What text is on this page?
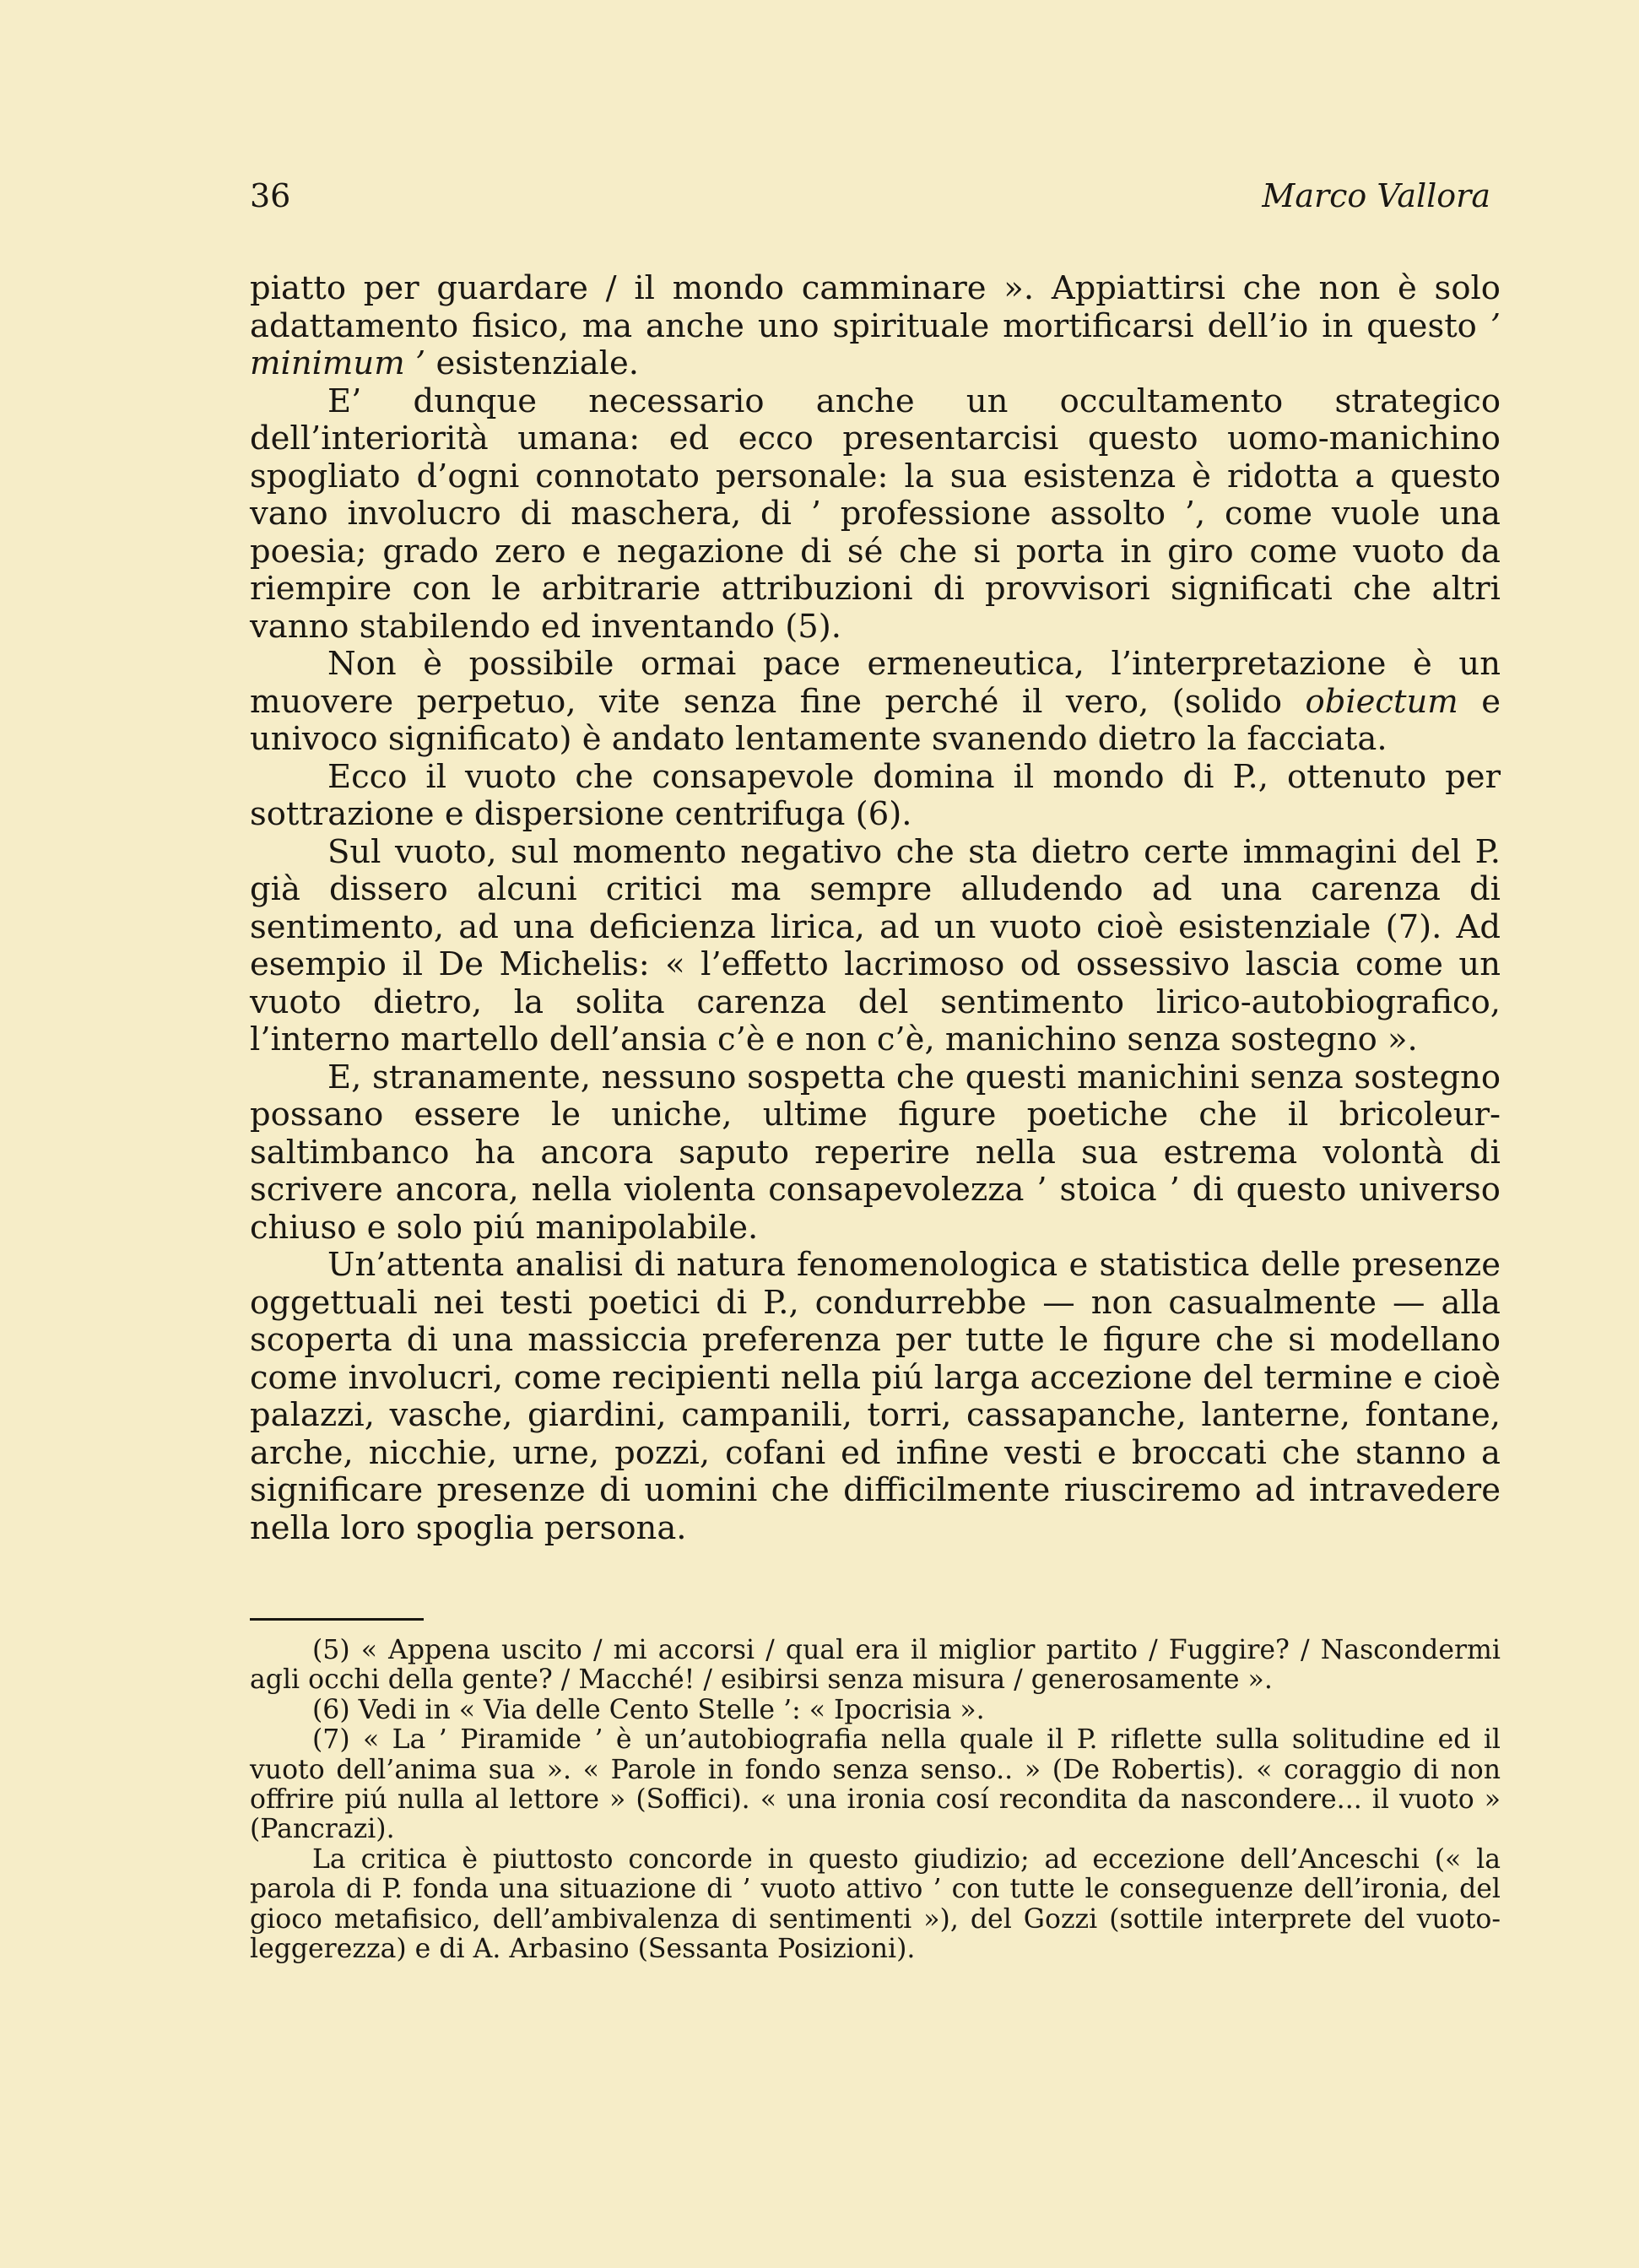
36	Marco Vallora

piatto per guardare / il mondo camminare ». Appiattirsi che non è solo adattamento fisico, ma anche uno spirituale mortificarsi dell’io in questo ’ minimum ’ esistenziale.

E’ dunque necessario anche un occultamento strategico dell’interiorità umana: ed ecco presentarcisi questo uomo-manichino spogliato d’ogni connotato personale: la sua esistenza è ridotta a questo vano involucro di maschera, di ’ professione assolto ’, come vuole una poesia; grado zero e negazione di sé che si porta in giro come vuoto da riempire con le arbitrarie attribuzioni di provvisori significati che altri vanno stabilendo ed inventando (5).

Non è possibile ormai pace ermeneutica, l’interpretazione è un muovere perpetuo, vite senza fine perché il vero, (solido obiectum e univoco significato) è andato lentamente svanendo dietro la facciata.

Ecco il vuoto che consapevole domina il mondo di P., ottenuto per sottrazione e dispersione centrifuga (6).

Sul vuoto, sul momento negativo che sta dietro certe immagini del P. già dissero alcuni critici ma sempre alludendo ad una carenza di sentimento, ad una deficienza lirica, ad un vuoto cioè esistenziale (7). Ad esempio il De Michelis: « l’effetto lacrimoso od ossessivo lascia come un vuoto dietro, la solita carenza del sentimento lirico-autobiografico, l’interno martello dell’ansia c’è e non c’è, manichino senza sostegno ».

E, stranamente, nessuno sospetta che questi manichini senza sostegno possano essere le uniche, ultime figure poetiche che il bricoleur-saltimbanco ha ancora saputo reperire nella sua estrema volontà di scrivere ancora, nella violenta consapevolezza ’ stoica ’ di questo universo chiuso e solo piú manipolabile.

Un’attenta analisi di natura fenomenologica e statistica delle presenze oggettuali nei testi poetici di P., condurrebbe — non casualmente — alla scoperta di una massiccia preferenza per tutte le figure che si modellano come involucri, come recipienti nella piú larga accezione del termine e cioè palazzi, vasche, giardini, campanili, torri, cassapanche, lanterne, fontane, arche, nicchie, urne, pozzi, cofani ed infine vesti e broccati che stanno a significare presenze di uomini che difficilmente riusciremo ad intravedere nella loro spoglia persona.

(5) « Appena uscito / mi accorsi / qual era il miglior partito / Fuggire? / Nascondermi agli occhi della gente? / Macché! / esibirsi senza misura / generosamente ».

(6) Vedi in « Via delle Cento Stelle ’: « Ipocrisia ».

(7) « La ’ Piramide ’ è un’autobiografia nella quale il P. riflette sulla solitudine ed il vuoto dell’anima sua ». « Parole in fondo senza senso.. » (De Robertis). « coraggio di non offrire piú nulla al lettore » (Soffici). « una ironia cosí recondita da nascondere... il vuoto » (Pancrazi).

La critica è piuttosto concorde in questo giudizio; ad eccezione dell’Anceschi (« la parola di P. fonda una situazione di ’ vuoto attivo ’ con tutte le conseguenze dell’ironia, del gioco metafisico, dell’ambivalenza di sentimenti »), del Gozzi (sottile interprete del vuoto-leggerezza) e di A. Arbasino (Sessanta Posizioni).
